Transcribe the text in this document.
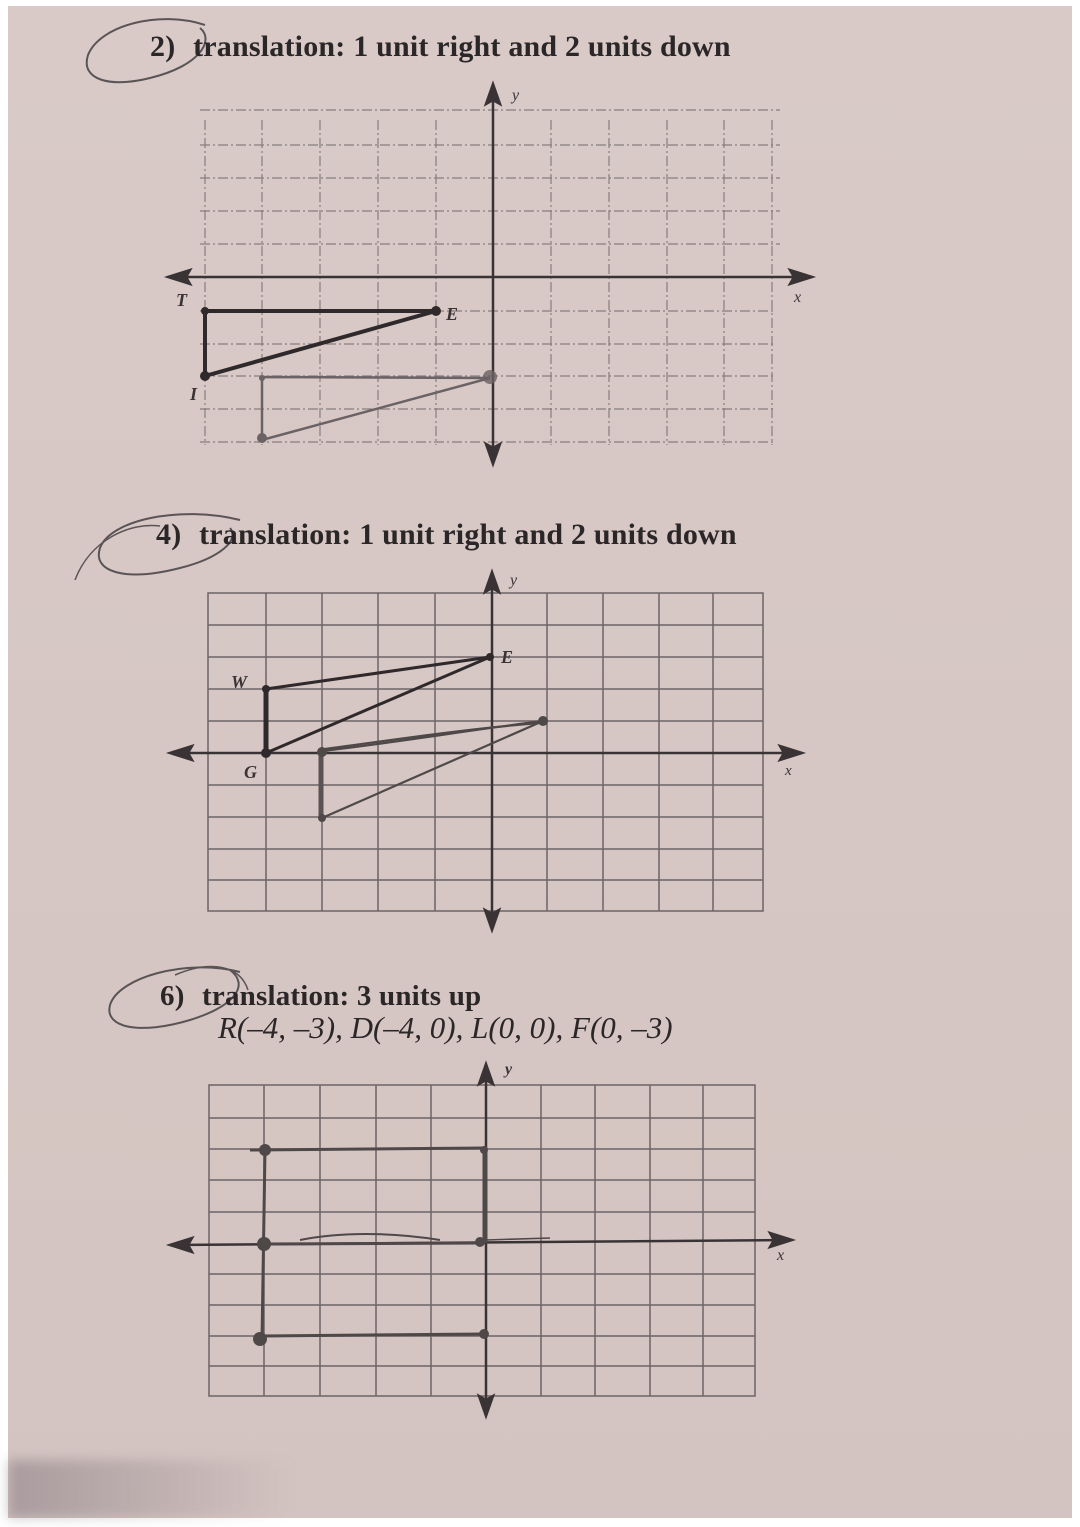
2) translation: 1 unit right and 2 units down
y
x
T
E
I
4) translation: 1 unit right and 2 units down
y
x
W
E
G
6) translation: 3 units up
R(–4, –3), D(–4, 0), L(0, 0), F(0, –3)
y
x
